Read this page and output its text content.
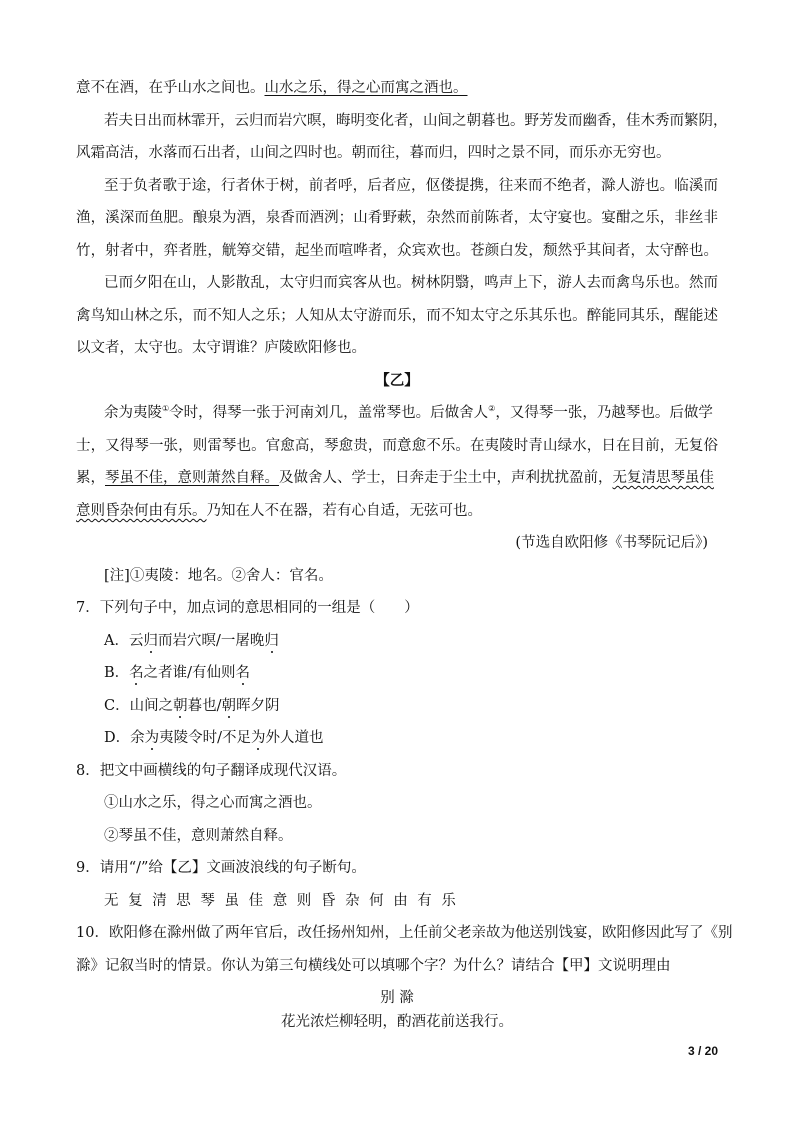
意不在酒，在乎山水之间也。山水之乐，得之心而寓之酒也。
若夫日出而林霏开，云归而岩穴暝，晦明变化者，山间之朝暮也。野芳发而幽香，佳木秀而繁阴，
风霜高洁，水落而石出者，山间之四时也。朝而往，暮而归，四时之景不同，而乐亦无穷也。
至于负者歌于途，行者休于树，前者呼，后者应，伛偻提携，往来而不绝者，滁人游也。临溪而
渔，溪深而鱼肥。酿泉为酒，泉香而酒洌；山肴野蔌，杂然而前陈者，太守宴也。宴酣之乐，非丝非
竹，射者中，弈者胜，觥筹交错，起坐而喧哗者，众宾欢也。苍颜白发，颓然乎其间者，太守醉也。
已而夕阳在山，人影散乱，太守归而宾客从也。树林阴翳，鸣声上下，游人去而禽鸟乐也。然而
禽鸟知山林之乐，而不知人之乐；人知从太守游而乐，而不知太守之乐其乐也。醉能同其乐，醒能述
以文者，太守也。太守谓谁？庐陵欧阳修也。
【乙】
余为夷陵①令时，得琴一张于河南刘几，盖常琴也。后做舍人②，又得琴一张，乃越琴也。后做学
士，又得琴一张，则雷琴也。官愈高，琴愈贵，而意愈不乐。在夷陵时青山绿水，日在目前，无复俗
累，琴虽不佳，意则萧然自释。及做舍人、学士，日奔走于尘土中，声利扰扰盈前，无复清思琴虽佳
意则昏杂何由有乐。乃知在人不在器，若有心自适，无弦可也。
(节选自欧阳修《书琴阮记后》)
[注]①夷陵：地名。②舍人：官名。
7．下列句子中，加点词的意思相同的一组是（　　）
A．云归而岩穴暝/一屠晚归
B．名之者谁/有仙则名
C．山间之朝暮也/朝晖夕阴
D．余为夷陵令时/不足为外人道也
8．把文中画横线的句子翻译成现代汉语。
①山水之乐，得之心而寓之酒也。
②琴虽不佳，意则萧然自释。
9．请用“/”给【乙】文画波浪线的句子断句。
无复清思琴虽佳意则昏杂何由有乐
10．欧阳修在滁州做了两年官后，改任扬州知州，上任前父老亲故为他送别饯宴，欧阳修因此写了《别
滁》记叙当时的情景。你认为第三句横线处可以填哪个字？为什么？请结合【甲】文说明理由
别 滁
花光浓烂柳轻明，酌酒花前送我行。
3 / 20
